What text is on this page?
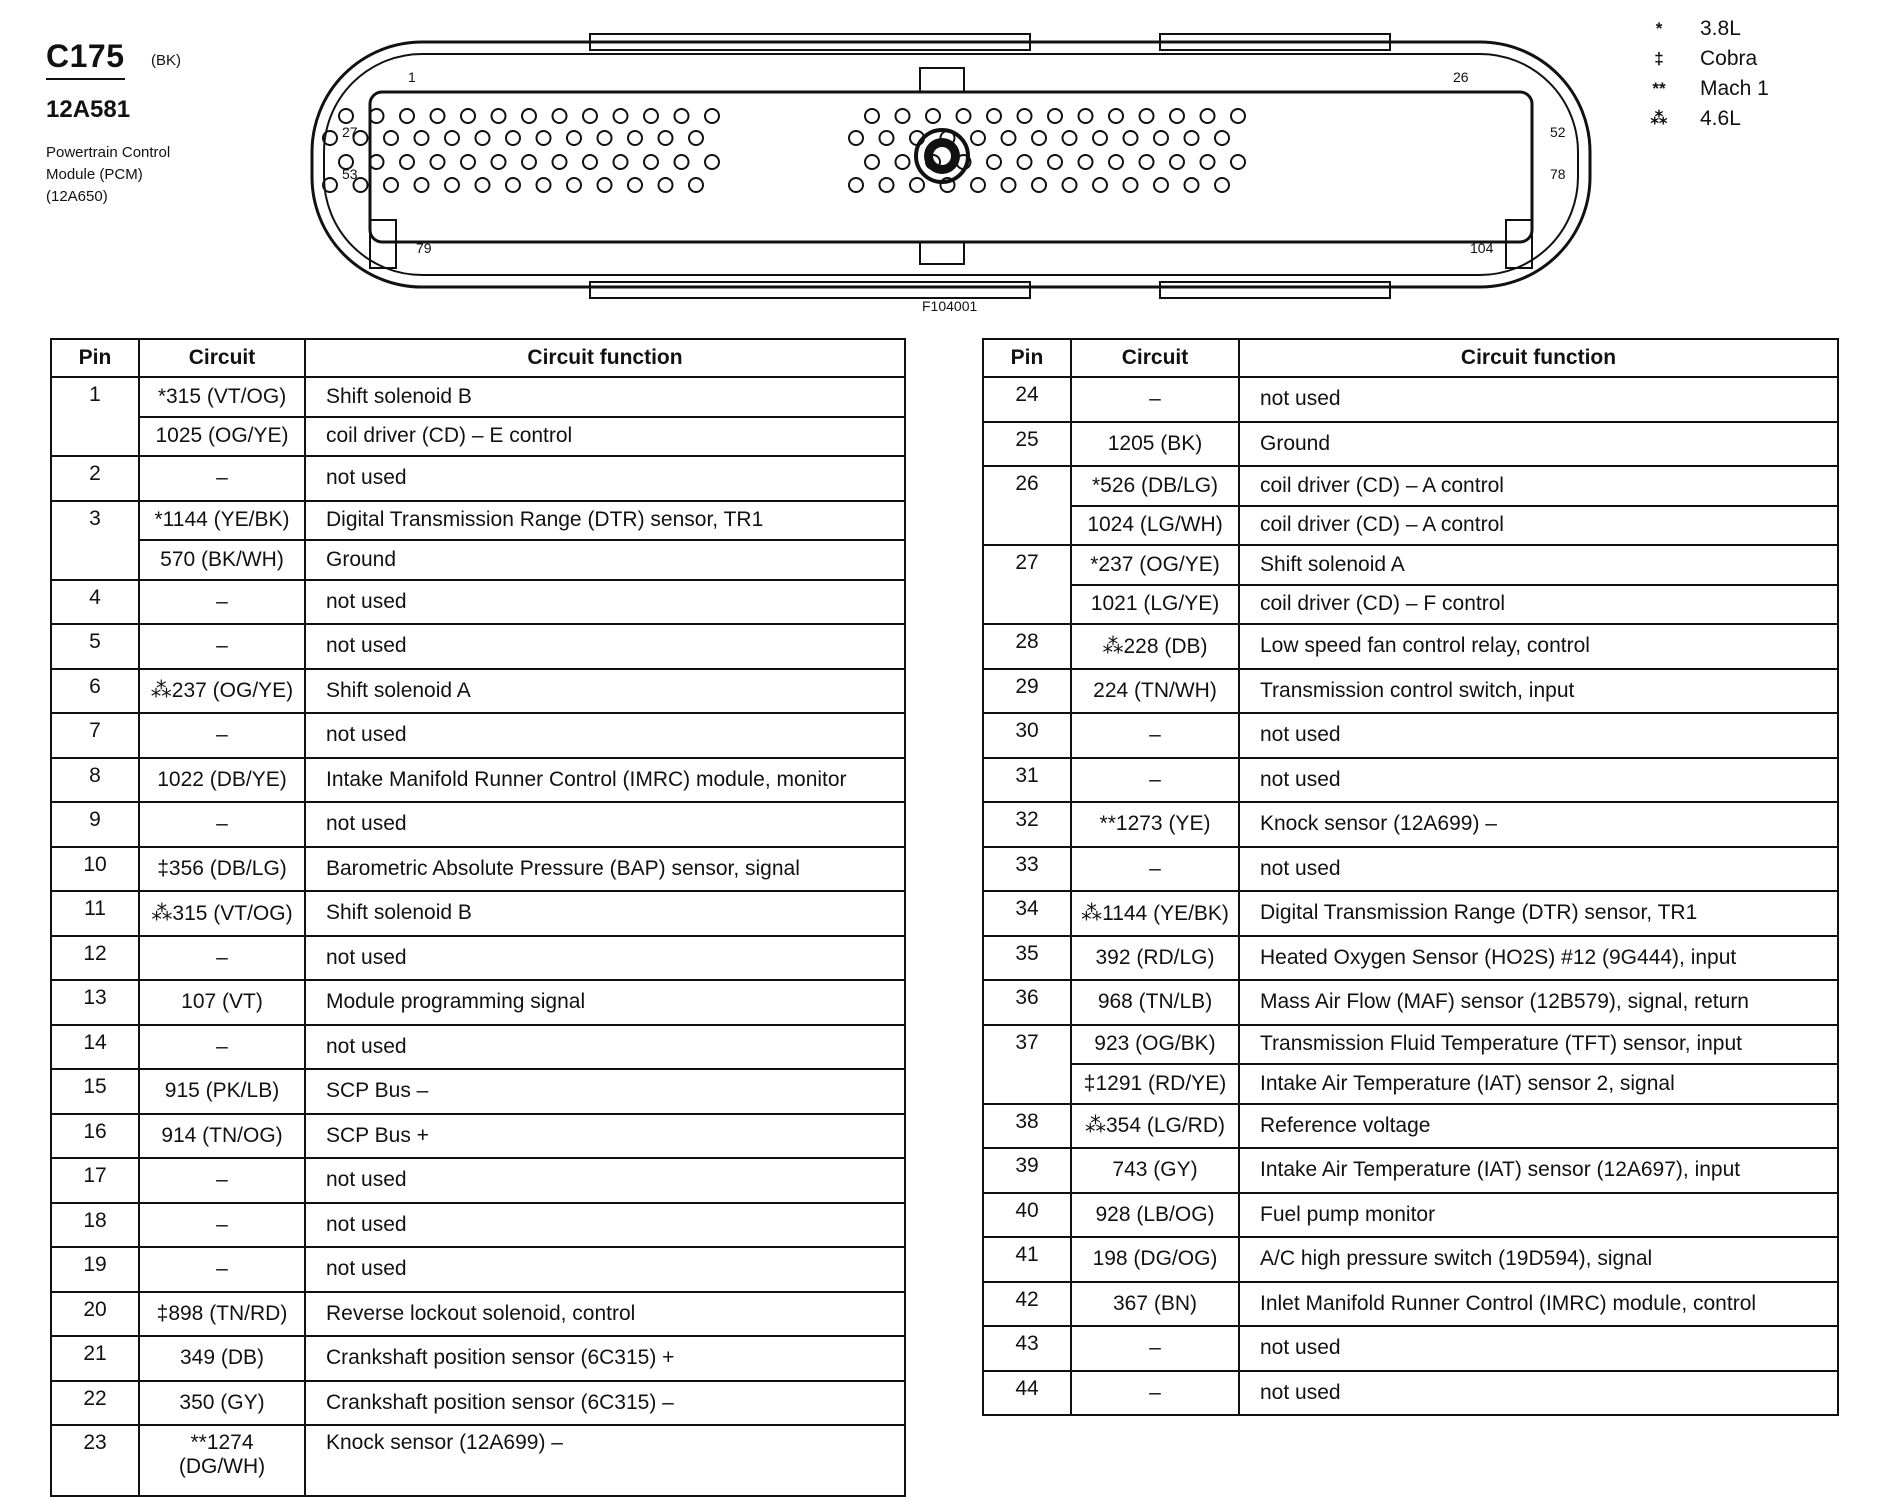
C175 (BK)
12A581
Powertrain Control
Module (PCM)
(12A650)
*	3.8L
‡	Cobra
**	Mach 1
⁂	4.6L
1	26
27	52
53	78
79	104
F104001
Pin	Circuit	Circuit function
1	*315 (VT/OG)	Shift solenoid B
	1025 (OG/YE)	coil driver (CD) – E control
2	–	not used
3	*1144 (YE/BK)	Digital Transmission Range (DTR) sensor, TR1
	570 (BK/WH)	Ground
4	–	not used
5	–	not used
6	⁂237 (OG/YE)	Shift solenoid A
7	–	not used
8	1022 (DB/YE)	Intake Manifold Runner Control (IMRC) module, monitor
9	–	not used
10	‡356 (DB/LG)	Barometric Absolute Pressure (BAP) sensor, signal
11	⁂315 (VT/OG)	Shift solenoid B
12	–	not used
13	107 (VT)	Module programming signal
14	–	not used
15	915 (PK/LB)	SCP Bus –
16	914 (TN/OG)	SCP Bus +
17	–	not used
18	–	not used
19	–	not used
20	‡898 (TN/RD)	Reverse lockout solenoid, control
21	349 (DB)	Crankshaft position sensor (6C315) +
22	350 (GY)	Crankshaft position sensor (6C315) –
23	**1274 (DG/WH)	Knock sensor (12A699) –
Pin	Circuit	Circuit function
24	–	not used
25	1205 (BK)	Ground
26	*526 (DB/LG)	coil driver (CD) – A control
	1024 (LG/WH)	coil driver (CD) – A control
27	*237 (OG/YE)	Shift solenoid A
	1021 (LG/YE)	coil driver (CD) – F control
28	⁂228 (DB)	Low speed fan control relay, control
29	224 (TN/WH)	Transmission control switch, input
30	–	not used
31	–	not used
32	**1273 (YE)	Knock sensor (12A699) –
33	–	not used
34	⁂1144 (YE/BK)	Digital Transmission Range (DTR) sensor, TR1
35	392 (RD/LG)	Heated Oxygen Sensor (HO2S) #12 (9G444), input
36	968 (TN/LB)	Mass Air Flow (MAF) sensor (12B579), signal, return
37	923 (OG/BK)	Transmission Fluid Temperature (TFT) sensor, input
	‡1291 (RD/YE)	Intake Air Temperature (IAT) sensor 2, signal
38	⁂354 (LG/RD)	Reference voltage
39	743 (GY)	Intake Air Temperature (IAT) sensor (12A697), input
40	928 (LB/OG)	Fuel pump monitor
41	198 (DG/OG)	A/C high pressure switch (19D594), signal
42	367 (BN)	Inlet Manifold Runner Control (IMRC) module, control
43	–	not used
44	–	not used
